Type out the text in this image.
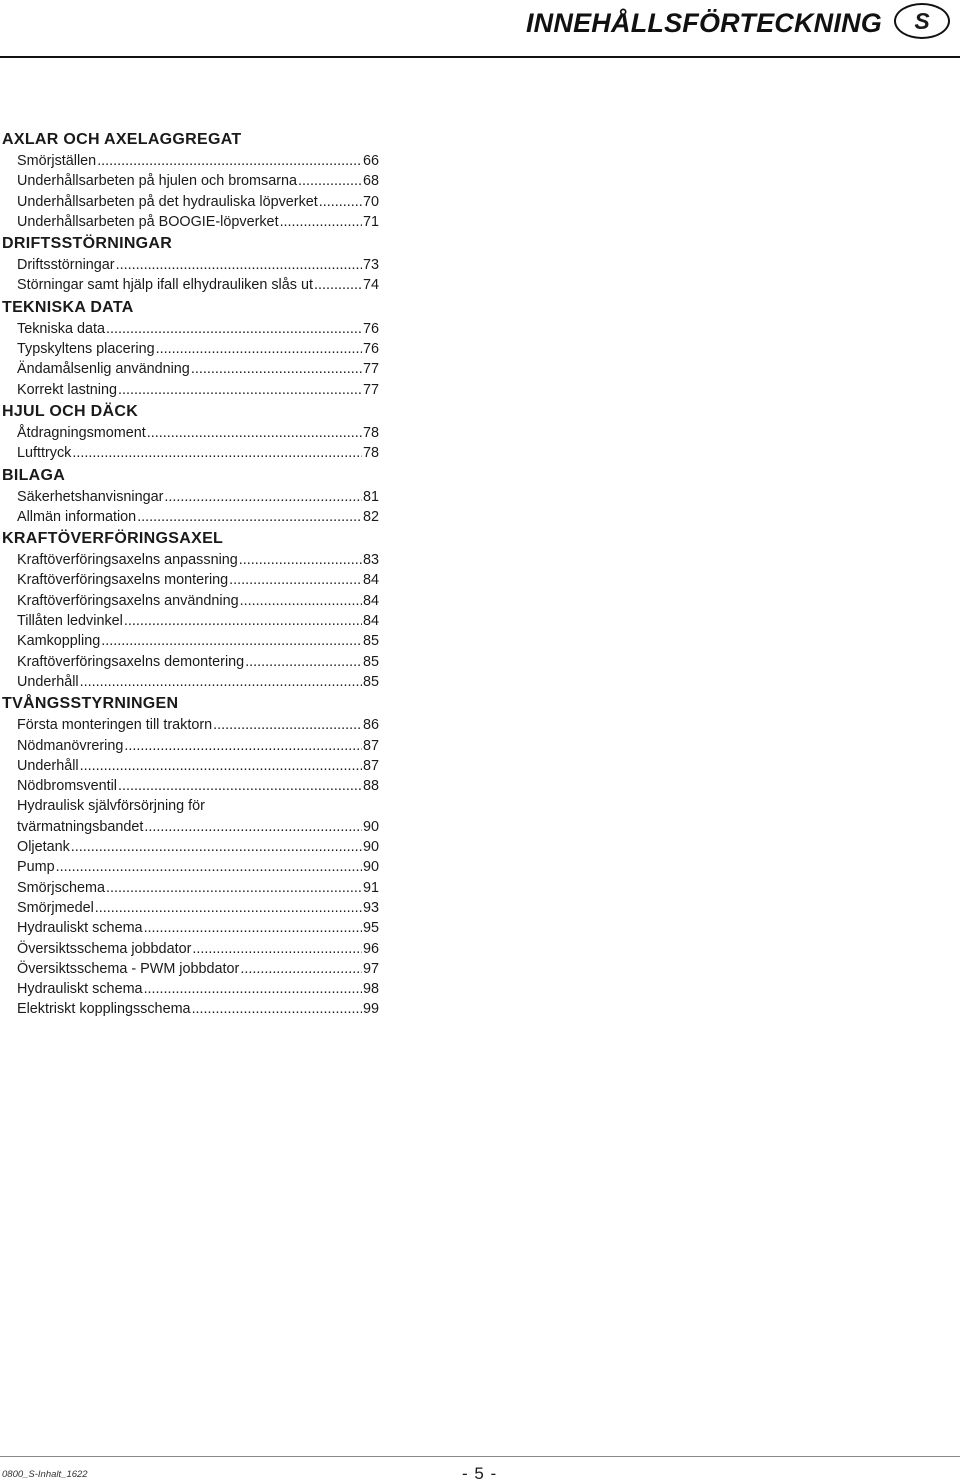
INNEHÅLLSFÖRTECKNING	S
AXLAR OCH AXELAGGREGAT
Smörjställen .....	66
Underhållsarbeten på hjulen och bromsarna .....	68
Underhållsarbeten på det hydrauliska löpverket .....	70
Underhållsarbeten på BOOGIE-löpverket .....	71
DRIFTSSTÖRNINGAR
Driftsstörningar .....	73
Störningar samt hjälp ifall elhydrauliken slås ut .....	74
TEKNISKA DATA
Tekniska data .....	76
Typskyltens placering .....	76
Ändamålsenlig användning .....	77
Korrekt lastning .....	77
HJUL OCH DÄCK
Åtdragningsmoment .....	78
Lufttryck .....	78
BILAGA
Säkerhetshanvisningar .....	81
Allmän information .....	82
KRAFTÖVERFÖRINGSAXEL
Kraftöverföringsaxelns anpassning .....	83
Kraftöverföringsaxelns montering .....	84
Kraftöverföringsaxelns användning .....	84
Tillåten ledvinkel .....	84
Kamkoppling .....	85
Kraftöverföringsaxelns demontering .....	85
Underhåll .....	85
TVÅNGSSTYRNINGEN
Första monteringen till traktorn .....	86
Nödmanövrering .....	87
Underhåll .....	87
Nödbromsventil .....	88
Hydraulisk självförsörjning för
tvärmatningsbandet .....	90
Oljetank .....	90
Pump .....	90
Smörjschema .....	91
Smörjmedel .....	93
Hydrauliskt schema .....	95
Översiktsschema jobbdator .....	96
Översiktsschema - PWM jobbdator .....	97
Hydrauliskt schema .....	98
Elektriskt kopplingsschema .....	99
0800_S-Inhalt_1622	- 5 -
